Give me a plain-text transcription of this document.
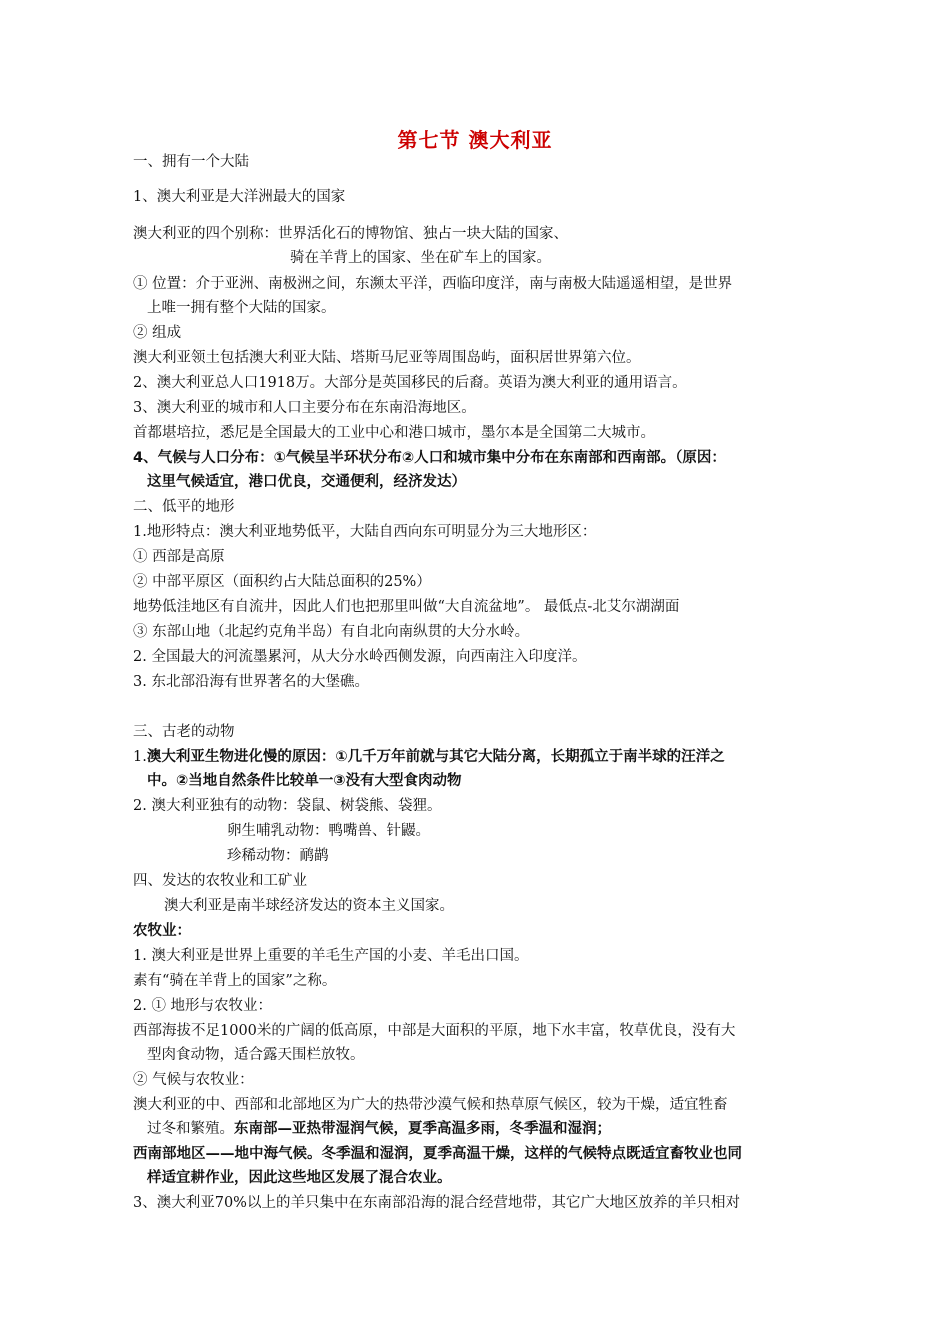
第七节 澳大利亚

一、拥有一个大陆

1、澳大利亚是大洋洲最大的国家

澳大利亚的四个别称：世界活化石的博物馆、独占一块大陆的国家、

骑在羊背上的国家、坐在矿车上的国家。

① 位置：介于亚洲、南极洲之间，东濒太平洋，西临印度洋，南与南极大陆遥遥相望，是世界

上唯一拥有整个大陆的国家。

② 组成

澳大利亚领土包括澳大利亚大陆、塔斯马尼亚等周围岛屿，面积居世界第六位。

2、澳大利亚总人口1918万。大部分是英国移民的后裔。英语为澳大利亚的通用语言。

3、澳大利亚的城市和人口主要分布在东南沿海地区。

首都堪培拉，悉尼是全国最大的工业中心和港口城市，墨尔本是全国第二大城市。

4、气候与人口分布：①气候呈半环状分布②人口和城市集中分布在东南部和西南部。（原因：

这里气候适宜，港口优良，交通便利，经济发达）

二、低平的地形

1.地形特点：澳大利亚地势低平，大陆自西向东可明显分为三大地形区：

① 西部是高原

② 中部平原区（面积约占大陆总面积的25%）

地势低洼地区有自流井，因此人们也把那里叫做“大自流盆地”。 最低点-北艾尔湖湖面

③ 东部山地（北起约克角半岛）有自北向南纵贯的大分水岭。

2. 全国最大的河流墨累河，从大分水岭西侧发源，向西南注入印度洋。

3. 东北部沿海有世界著名的大堡礁。

三、古老的动物

1.澳大利亚生物进化慢的原因：①几千万年前就与其它大陆分离，长期孤立于南半球的汪洋之

中。②当地自然条件比较单一③没有大型食肉动物

2. 澳大利亚独有的动物：袋鼠、树袋熊、袋狸。

卵生哺乳动物：鸭嘴兽、针鼹。

珍稀动物：鸸鹋

四、发达的农牧业和工矿业

澳大利亚是南半球经济发达的资本主义国家。

农牧业：

1. 澳大利亚是世界上重要的羊毛生产国的小麦、羊毛出口国。

素有“骑在羊背上的国家”之称。

2. ① 地形与农牧业：

西部海拔不足1000米的广阔的低高原，中部是大面积的平原，地下水丰富，牧草优良，没有大

型肉食动物，适合露天围栏放牧。

② 气候与农牧业：

澳大利亚的中、西部和北部地区为广大的热带沙漠气候和热草原气候区，较为干燥，适宜牲畜

过冬和繁殖。东南部—亚热带湿润气候，夏季高温多雨，冬季温和湿润；

西南部地区——地中海气候。冬季温和湿润，夏季高温干燥，这样的气候特点既适宜畜牧业也同

样适宜耕作业，因此这些地区发展了混合农业。

3、澳大利亚70%以上的羊只集中在东南部沿海的混合经营地带，其它广大地区放养的羊只相对
